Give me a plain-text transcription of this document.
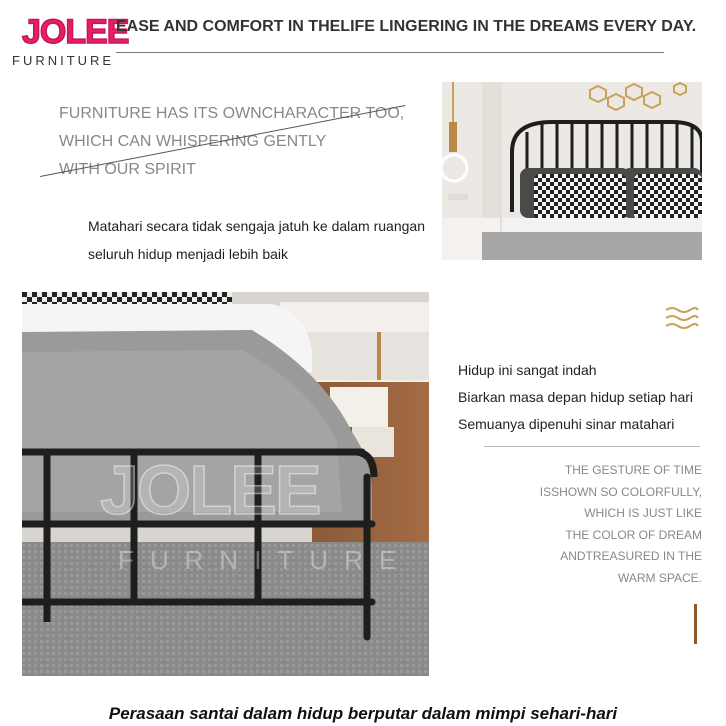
JOLEE
FURNITURE
EASE AND COMFORT IN THELIFE LINGERING IN THE DREAMS EVERY DAY.
FURNITURE HAS ITS OWNCHARACTER TOO,
WHICH CAN WHISPERING GENTLY
WITH OUR SPIRIT
Matahari secara tidak sengaja jatuh ke dalam ruangan
seluruh hidup menjadi lebih baik
JOLEE
FURNITURE
Hidup ini sangat indah
Biarkan masa depan hidup setiap hari
Semuanya dipenuhi sinar matahari
THE GESTURE OF TIME
ISSHOWN SO COLORFULLY,
WHICH IS JUST LIKE
THE COLOR OF DREAM
ANDTREASURED IN THE
WARM SPACE.
Perasaan santai dalam hidup berputar dalam mimpi sehari-hari
